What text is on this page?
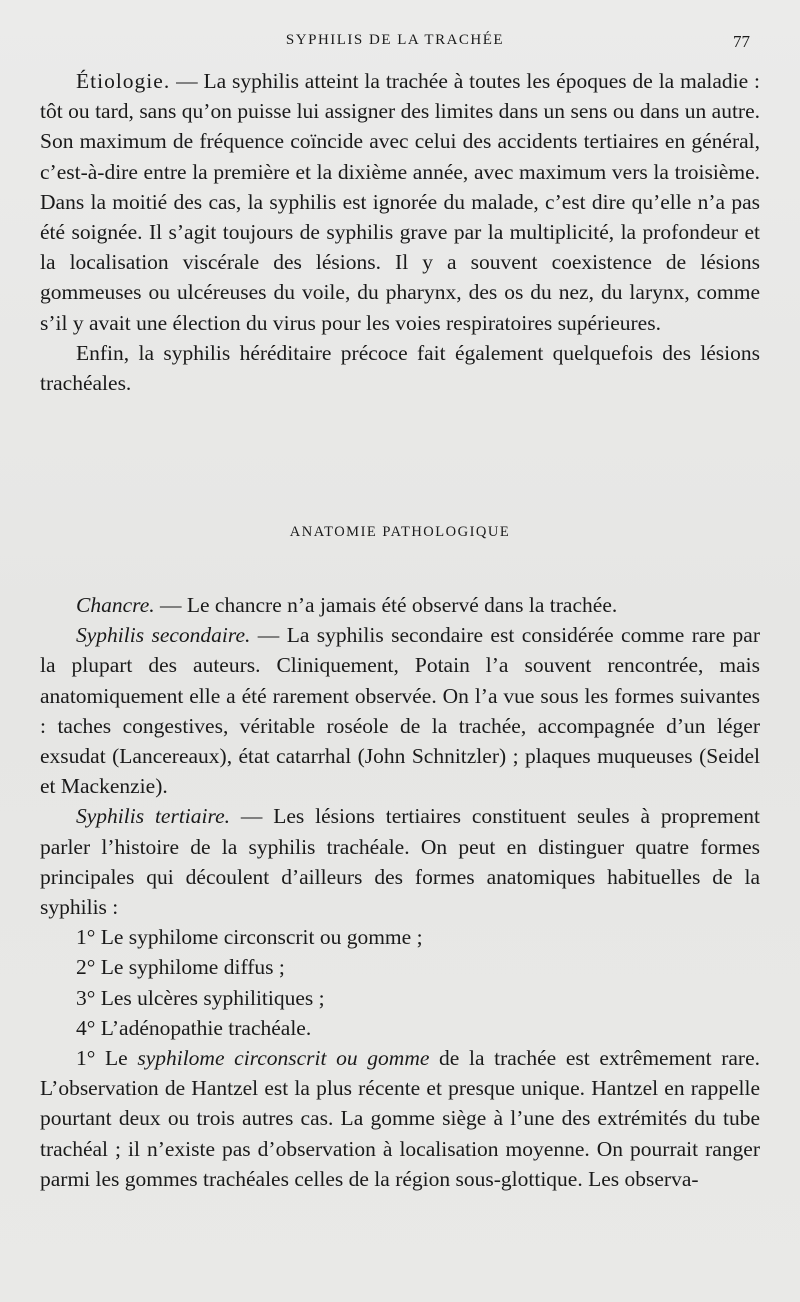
SYPHILIS DE LA TRACHÉE	77

Étiologie. — La syphilis atteint la trachée à toutes les époques de la maladie : tôt ou tard, sans qu’on puisse lui assigner des limites dans un sens ou dans un autre. Son maximum de fréquence coïncide avec celui des accidents tertiaires en général, c’est-à-dire entre la première et la dixième année, avec maximum vers la troisième. Dans la moitié des cas, la syphilis est ignorée du malade, c’est dire qu’elle n’a pas été soignée. Il s’agit toujours de syphilis grave par la multiplicité, la profondeur et la localisation viscérale des lésions. Il y a souvent coexistence de lésions gommeuses ou ulcéreuses du voile, du pharynx, des os du nez, du larynx, comme s’il y avait une élection du virus pour les voies respiratoires supérieures.

Enfin, la syphilis héréditaire précoce fait également quelquefois des lésions trachéales.

ANATOMIE PATHOLOGIQUE

Chancre. — Le chancre n’a jamais été observé dans la trachée.

Syphilis secondaire. — La syphilis secondaire est considérée comme rare par la plupart des auteurs. Cliniquement, Potain l’a souvent rencontrée, mais anatomiquement elle a été rarement observée. On l’a vue sous les formes suivantes : taches congestives, véritable roséole de la trachée, accompagnée d’un léger exsudat (Lancereaux), état catarrhal (John Schnitzler) ; plaques muqueuses (Seidel et Mackenzie).

Syphilis tertiaire. — Les lésions tertiaires constituent seules à proprement parler l’histoire de la syphilis trachéale. On peut en distinguer quatre formes principales qui découlent d’ailleurs des formes anatomiques habituelles de la syphilis :

1° Le syphilome circonscrit ou gomme ;

2° Le syphilome diffus ;

3° Les ulcères syphilitiques ;

4° L’adénopathie trachéale.

1° Le syphilome circonscrit ou gomme de la trachée est extrêmement rare. L’observation de Hantzel est la plus récente et presque unique. Hantzel en rappelle pourtant deux ou trois autres cas. La gomme siège à l’une des extrémités du tube trachéal ; il n’existe pas d’observation à localisation moyenne. On pourrait ranger parmi les gommes trachéales celles de la région sous-glottique. Les observa-
